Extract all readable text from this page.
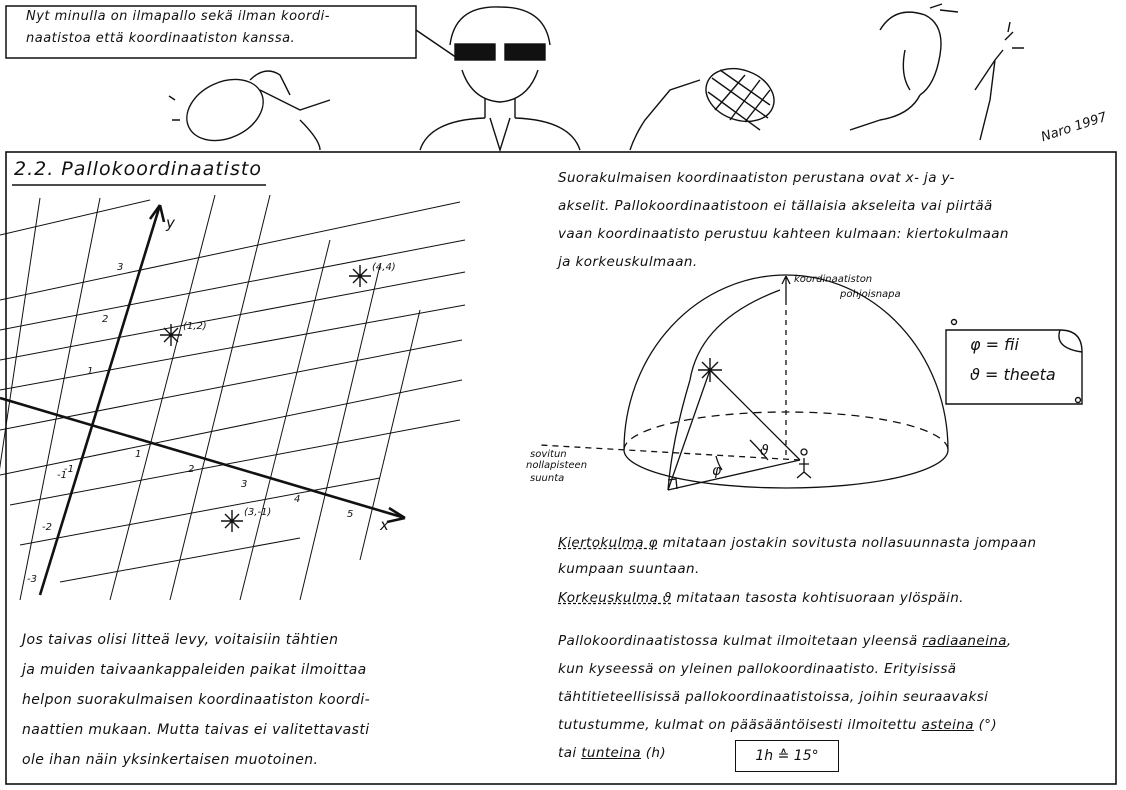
x
y
1
2
3
4
5
3
2
1
-1
-2
-3
-1
(4,4)
(1,2)
(3,-1)
koordinaatiston
pohjoisnapa
sovitun
nollapisteen
suunta	φ
ϑ
Nyt minulla on ilmapallo sekä ilman koordi-
naatistoa että koordinaatiston kanssa.
Naro 1997
2.2. Pallokoordinaatisto	Suorakulmaisen koordinaatiston perustana ovat x- ja y-
akselit. Pallokoordinaatistoon ei tällaisia akseleita vai piirtää
vaan koordinaatisto perustuu kahteen kulmaan: kiertokulmaan
ja korkeuskulmaan.
φ = fii
ϑ = theeta
Kiertokulma φ mitataan jostakin sovitusta nollasuunnasta jompaan
kumpaan suuntaan.
Korkeuskulma ϑ mitataan tasosta kohtisuoraan ylöspäin.
Jos taivas olisi litteä levy, voitaisiin tähtien
ja muiden taivaankappaleiden paikat ilmoittaa
helpon suorakulmaisen koordinaatiston koordi-
naattien mukaan. Mutta taivas ei valitettavasti
ole ihan näin yksinkertaisen muotoinen.
Pallokoordinaatistossa kulmat ilmoitetaan yleensä radiaaneina,
kun kyseessä on yleinen pallokoordinaatisto. Erityisissä
tähtitieteellisissä pallokoordinaatistoissa, joihin seuraavaksi
tutustumme, kulmat on pääsääntöisesti ilmoitettu asteina (°)
tai tunteina (h)	1h ≙ 15°
